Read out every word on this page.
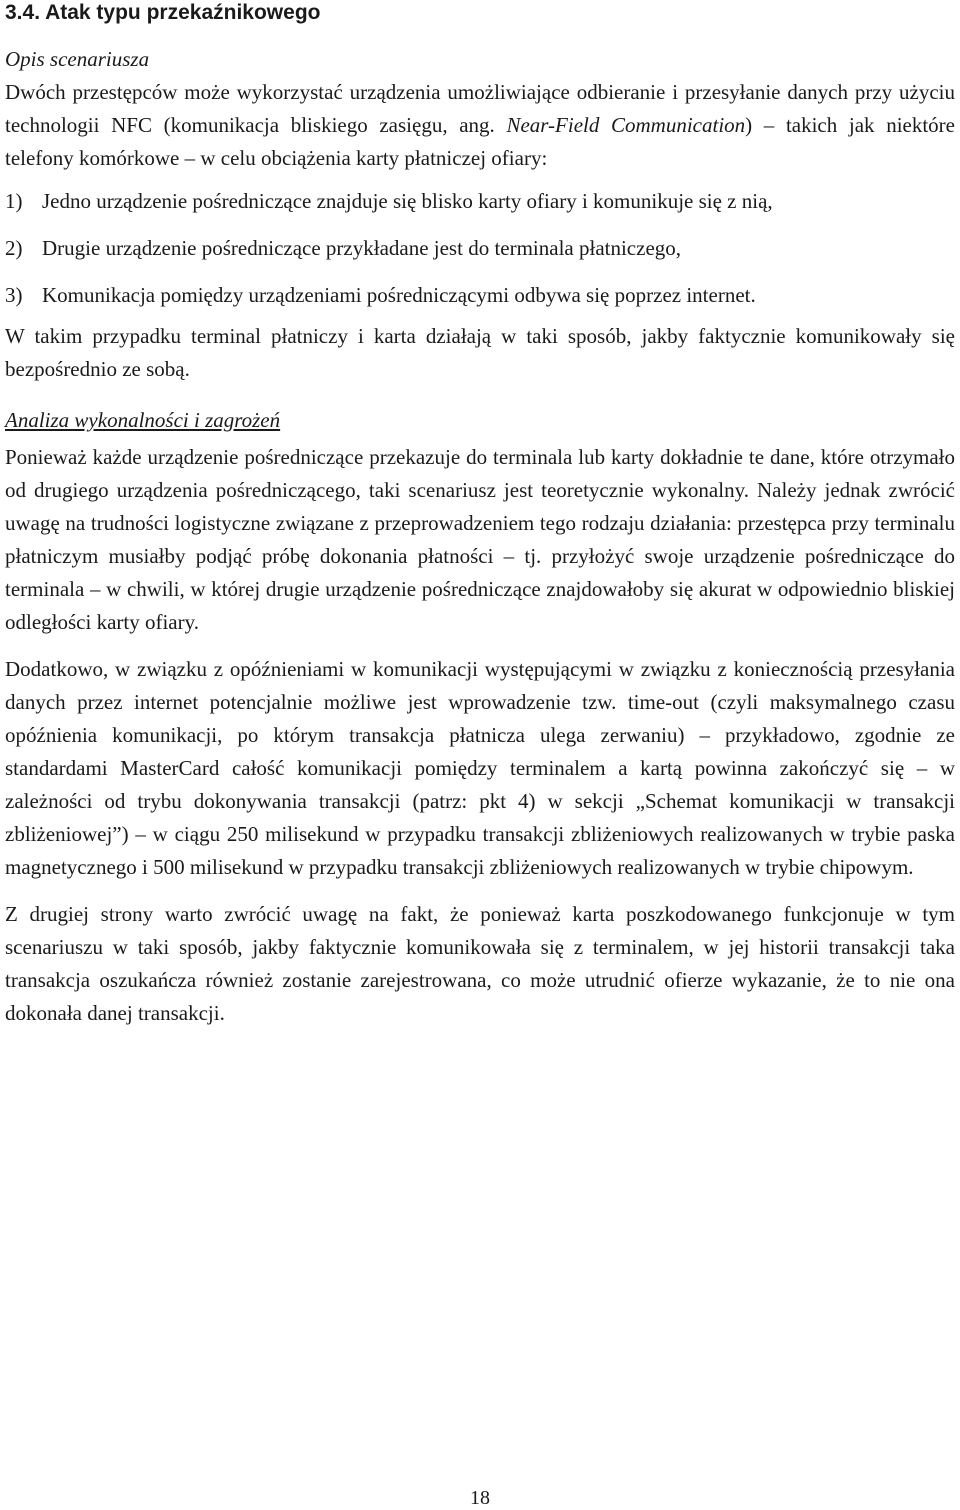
3.4. Atak typu przekaźnikowego

Opis scenariusza

Dwóch przestępców może wykorzystać urządzenia umożliwiające odbieranie i przesyłanie danych przy użyciu technologii NFC (komunikacja bliskiego zasięgu, ang. Near-Field Communication) – takich jak niektóre telefony komórkowe – w celu obciążenia karty płatniczej ofiary:

1) Jedno urządzenie pośredniczące znajduje się blisko karty ofiary i komunikuje się z nią,
2) Drugie urządzenie pośredniczące przykładane jest do terminala płatniczego,
3) Komunikacja pomiędzy urządzeniami pośredniczącymi odbywa się poprzez internet.

W takim przypadku terminal płatniczy i karta działają w taki sposób, jakby faktycznie komunikowały się bezpośrednio ze sobą.

Analiza wykonalności i zagrożeń

Ponieważ każde urządzenie pośredniczące przekazuje do terminala lub karty dokładnie te dane, które otrzymało od drugiego urządzenia pośredniczącego, taki scenariusz jest teoretycznie wykonalny. Należy jednak zwrócić uwagę na trudności logistyczne związane z przeprowadzeniem tego rodzaju działania: przestępca przy terminalu płatniczym musiałby podjąć próbę dokonania płatności – tj. przyłożyć swoje urządzenie pośredniczące do terminala – w chwili, w której drugie urządzenie pośredniczące znajdowałoby się akurat w odpowiednio bliskiej odległości karty ofiary.

Dodatkowo, w związku z opóźnieniami w komunikacji występującymi w związku z koniecznością przesyłania danych przez internet potencjalnie możliwe jest wprowadzenie tzw. time-out (czyli maksymalnego czasu opóźnienia komunikacji, po którym transakcja płatnicza ulega zerwaniu) – przykładowo, zgodnie ze standardami MasterCard całość komunikacji pomiędzy terminalem a kartą powinna zakończyć się – w zależności od trybu dokonywania transakcji (patrz: pkt 4) w sekcji „Schemat komunikacji w transakcji zbliżeniowej”) – w ciągu 250 milisekund w przypadku transakcji zbliżeniowych realizowanych w trybie paska magnetycznego i 500 milisekund w przypadku transakcji zbliżeniowych realizowanych w trybie chipowym.

Z drugiej strony warto zwrócić uwagę na fakt, że ponieważ karta poszkodowanego funkcjonuje w tym scenariuszu w taki sposób, jakby faktycznie komunikowała się z terminalem, w jej historii transakcji taka transakcja oszukańcza również zostanie zarejestrowana, co może utrudnić ofierze wykazanie, że to nie ona dokonała danej transakcji.

18
